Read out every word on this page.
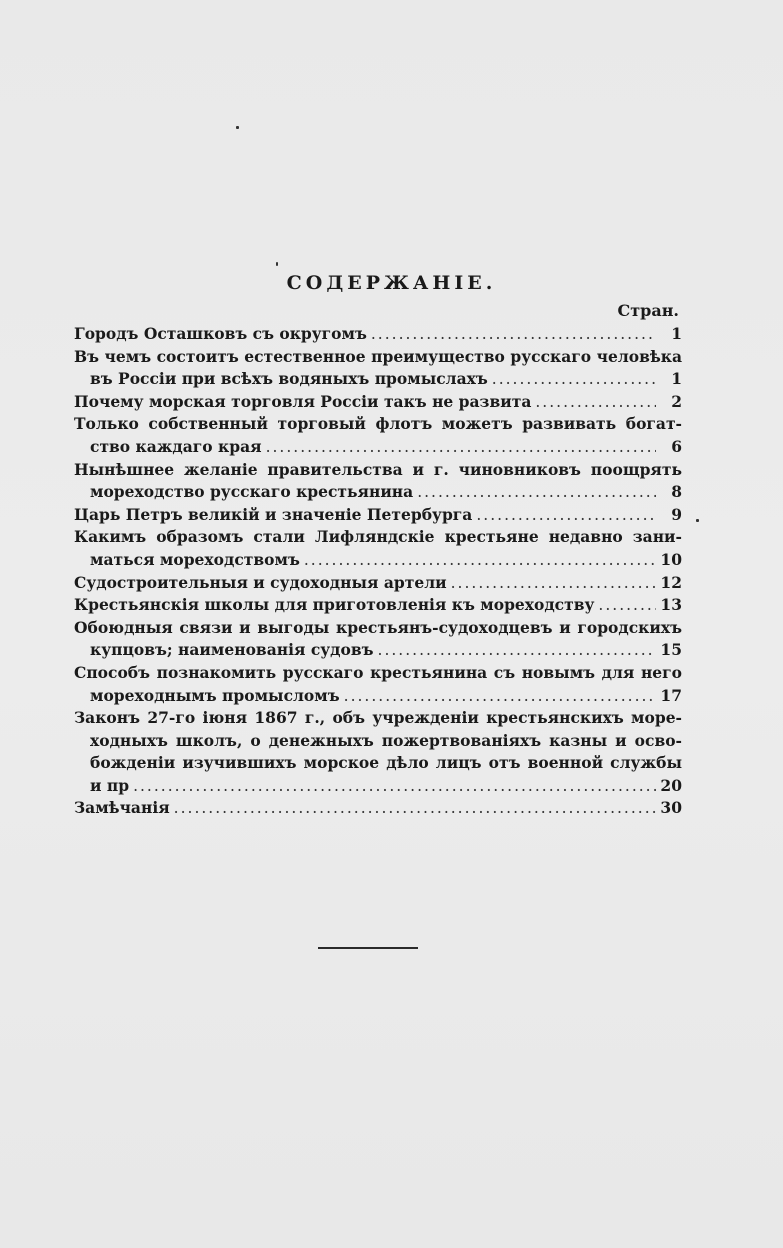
СОДЕРЖАНІЕ.
Стран.
Городъ Осташковъ съ округомъ .....	1
Въ чемъ состоитъ естественное преимущество русскаго человѣка
въ Россіи при всѣхъ водяныхъ промыслахъ .....	1
Почему морская торговля Россіи такъ не развита .....	2
Только собственный торговый флотъ можетъ развивать богат-
ство каждаго края .....	6
Нынѣшнее желаніе правительства и г. чиновниковъ поощрять
мореходство русскаго крестьянина .....	8
Царь Петръ великій и значеніе Петербурга .....	9
Какимъ образомъ стали Лифляндскіе крестьяне недавно зани-
маться мореходствомъ .....	10
Судостроительныя и судоходныя артели .....	12
Крестьянскія школы для приготовленія къ мореходству .....	13
Обоюдныя связи и выгоды крестьянъ-судоходцевъ и городскихъ
купцовъ; наименованія судовъ .....	15
Способъ познакомить русскаго крестьянина съ новымъ для него
мореходнымъ промысломъ .....	17
Законъ 27-го іюня 1867 г., объ учрежденіи крестьянскихъ море-
ходныхъ школъ, о денежныхъ пожертвованіяхъ казны и осво-
божденіи изучившихъ морское дѣло лицъ отъ военной службы
и пр .....	20
Замѣчанія .....	30
